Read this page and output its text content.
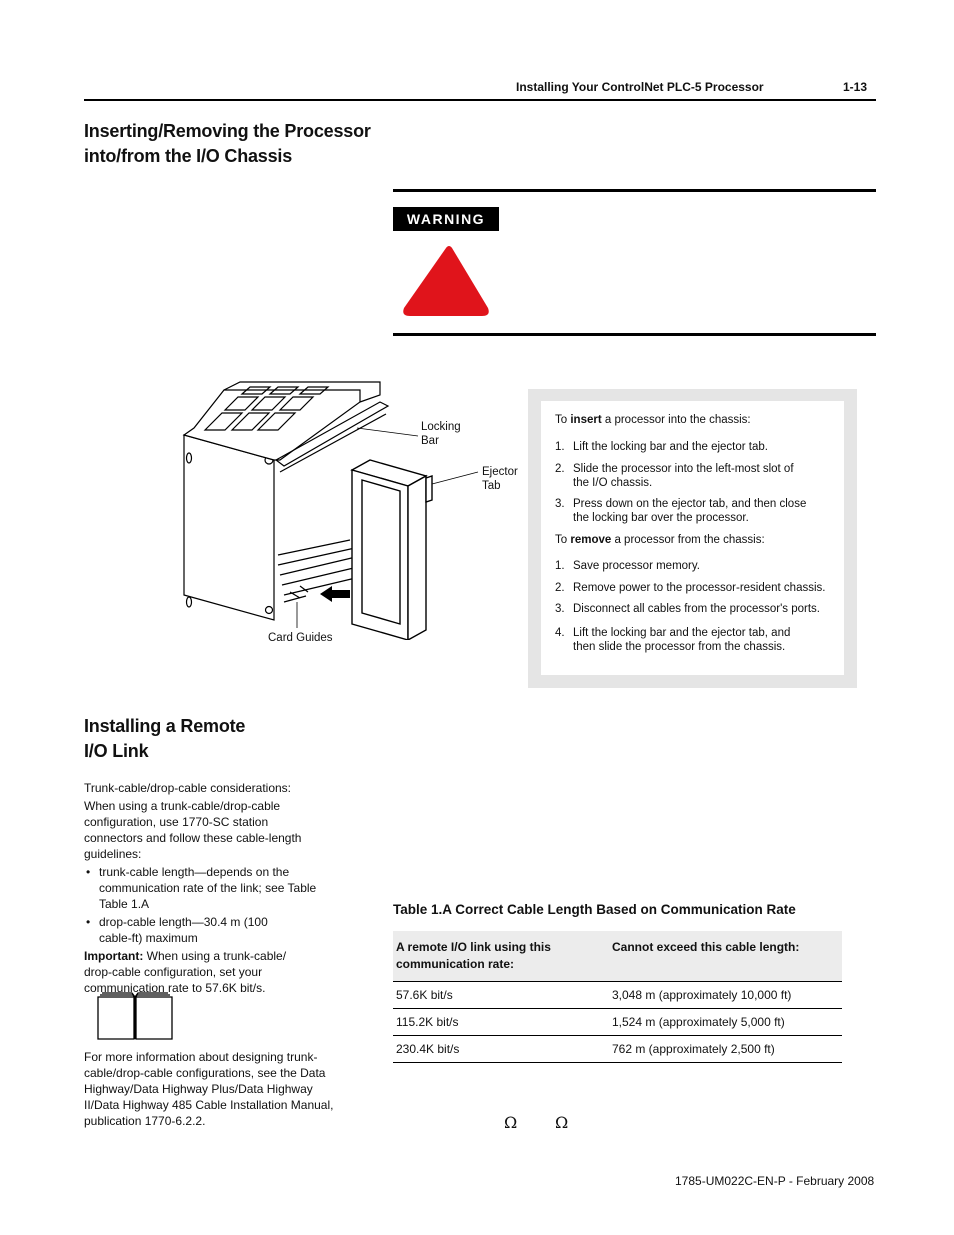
Installing Your ControlNet PLC-5 Processor	1-13
Inserting/Removing the Processor
into/from the I/O Chassis
WARNING
Locking
Bar
Ejector
Tab
Card Guides
To insert a processor into the chassis:
1. Lift the locking bar and the ejector tab.
2. Slide the processor into the left-most slot of the I/O chassis.
3. Press down on the ejector tab, and then close the locking bar over the processor.
To remove a processor from the chassis:
1. Save processor memory.
2. Remove power to the processor-resident chassis.
3. Disconnect all cables from the processor's ports.
4. Lift the locking bar and the ejector tab, and then slide the processor from the chassis.
Installing a Remote
I/O Link
Trunk-cable/drop-cable considerations:
When using a trunk-cable/drop-cable configuration, use 1770-SC station connectors and follow these cable-length guidelines:
• trunk-cable length—depends on the communication rate of the link; see Table Table 1.A
• drop-cable length—30.4 m (100 cable-ft) maximum
Important: When using a trunk-cable/ drop-cable configuration, set your communication rate to 57.6K bit/s.
For more information about designing trunk-cable/drop-cable configurations, see the Data Highway/Data Highway Plus/Data Highway II/Data Highway 485 Cable Installation Manual, publication 1770-6.2.2.
Table 1.A Correct Cable Length Based on Communication Rate
A remote I/O link using this communication rate:	Cannot exceed this cable length:
57.6K bit/s	3,048 m (approximately 10,000 ft)
115.2K bit/s	1,524 m (approximately 5,000 ft)
230.4K bit/s	762 m (approximately 2,500 ft)
Ω Ω
1785-UM022C-EN-P - February 2008
